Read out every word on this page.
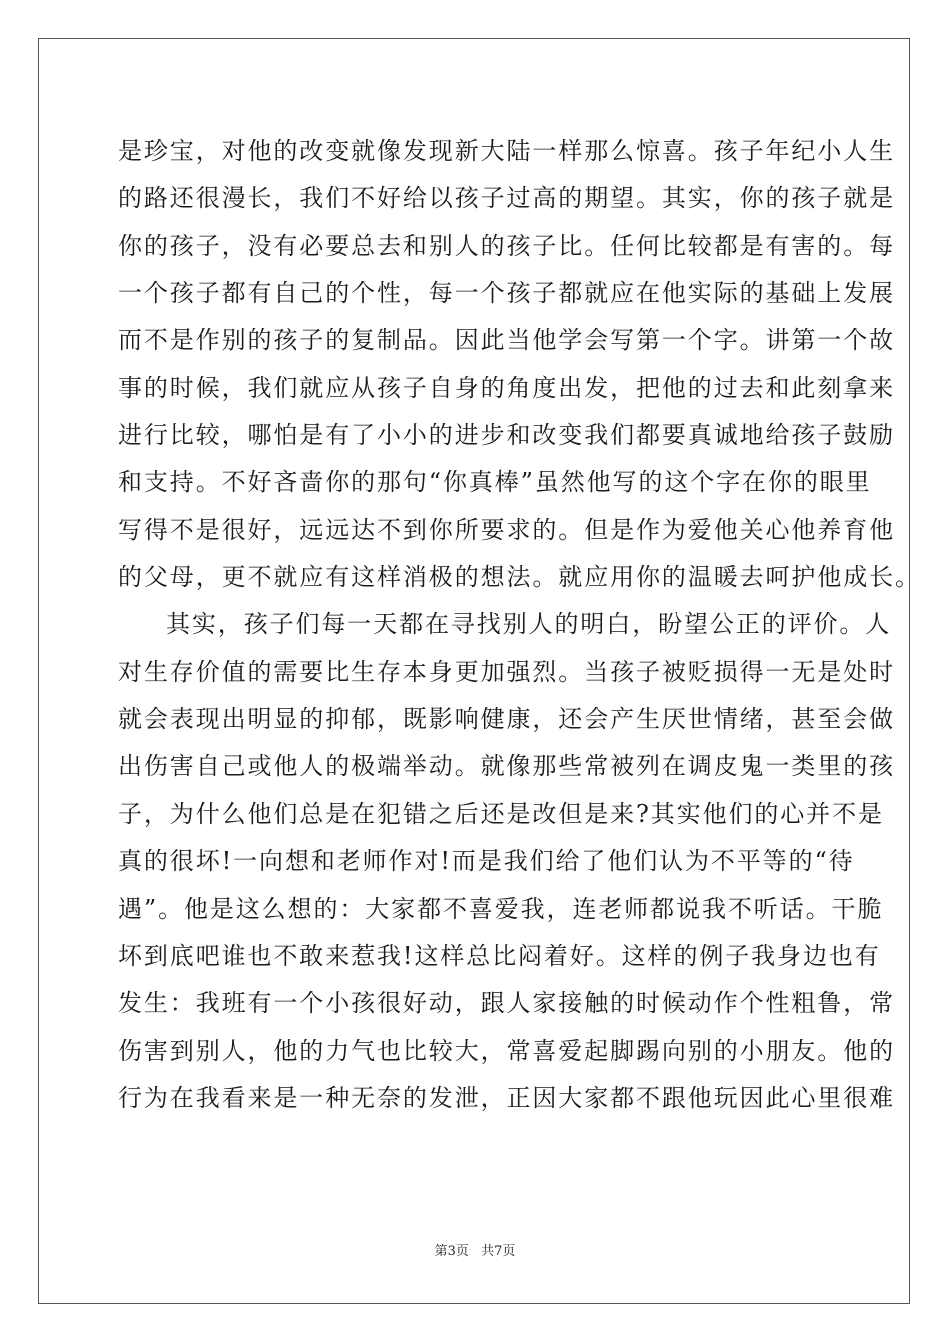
是珍宝，对他的改变就像发现新大陆一样那么惊喜。孩子年纪小人生
的路还很漫长，我们不好给以孩子过高的期望。其实，你的孩子就是
你的孩子，没有必要总去和别人的孩子比。任何比较都是有害的。每
一个孩子都有自己的个性，每一个孩子都就应在他实际的基础上发展
而不是作别的孩子的复制品。因此当他学会写第一个字。讲第一个故
事的时候，我们就应从孩子自身的角度出发，把他的过去和此刻拿来
进行比较，哪怕是有了小小的进步和改变我们都要真诚地给孩子鼓励
和支持。不好吝啬你的那句“你真棒”虽然他写的这个字在你的眼里
写得不是很好，远远达不到你所要求的。但是作为爱他关心他养育他
的父母，更不就应有这样消极的想法。就应用你的温暖去呵护他成长。
其实，孩子们每一天都在寻找别人的明白，盼望公正的评价。人
对生存价值的需要比生存本身更加强烈。当孩子被贬损得一无是处时
就会表现出明显的抑郁，既影响健康，还会产生厌世情绪，甚至会做
出伤害自己或他人的极端举动。就像那些常被列在调皮鬼一类里的孩
子，为什么他们总是在犯错之后还是改但是来?其实他们的心并不是
真的很坏!一向想和老师作对!而是我们给了他们认为不平等的“待
遇”。他是这么想的：大家都不喜爱我，连老师都说我不听话。干脆
坏到底吧谁也不敢来惹我!这样总比闷着好。这样的例子我身边也有
发生：我班有一个小孩很好动，跟人家接触的时候动作个性粗鲁，常
伤害到别人，他的力气也比较大，常喜爱起脚踢向别的小朋友。他的
行为在我看来是一种无奈的发泄，正因大家都不跟他玩因此心里很难
第3页 共7页
